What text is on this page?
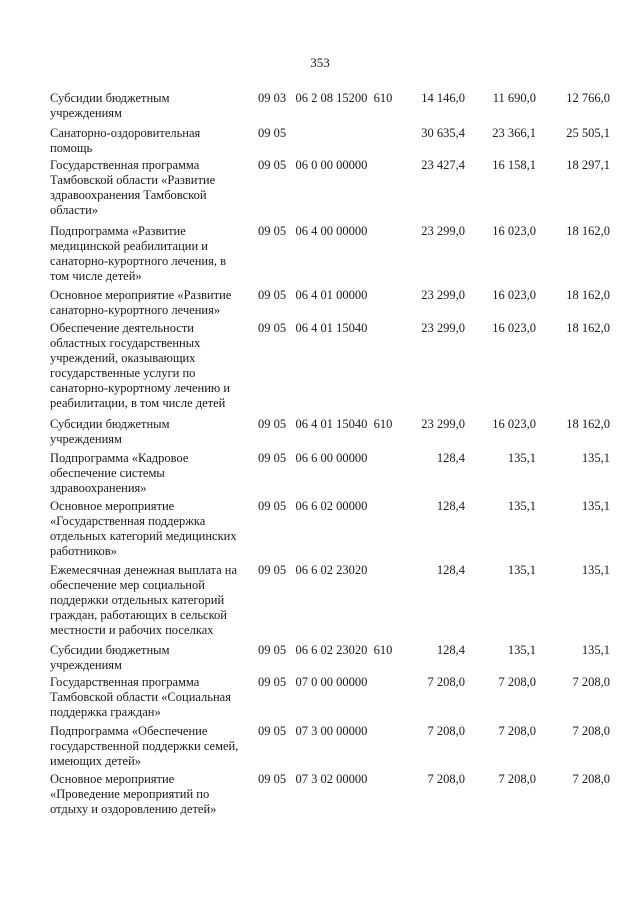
353
Субсидии бюджетным
учреждениям
09 03   06 2 08 15200  610 14 146,0 11 690,0 12 766,0
Санаторно-оздоровительная
помощь
09 05	30 635,4 23 366,1 25 505,1
Государственная программа
Тамбовской области «Развитие
здравоохранения Тамбовской
области»
09 05   06 0 00 00000	23 427,4 16 158,1 18 297,1
Подпрограмма «Развитие
медицинской реабилитации и
санаторно-курортного лечения, в
том числе детей»
09 05   06 4 00 00000	23 299,0 16 023,0 18 162,0
Основное мероприятие «Развитие
санаторно-курортного лечения»
09 05   06 4 01 00000	23 299,0 16 023,0 18 162,0
Обеспечение деятельности
областных государственных
учреждений, оказывающих
государственные услуги по
санаторно-курортному лечению и
реабилитации, в том числе детей
09 05   06 4 01 15040	23 299,0 16 023,0 18 162,0
Субсидии бюджетным
учреждениям
09 05   06 4 01 15040  610 23 299,0 16 023,0 18 162,0
Подпрограмма «Кадровое
обеспечение системы
здравоохранения»
09 05   06 6 00 00000	128,4	135,1	135,1
Основное мероприятие
«Государственная поддержка
отдельных категорий медицинских
работников»
09 05   06 6 02 00000	128,4	135,1	135,1
Ежемесячная денежная выплата на
обеспечение мер социальной
поддержки отдельных категорий
граждан, работающих в сельской
местности и рабочих поселках
09 05   06 6 02 23020	128,4	135,1	135,1
Субсидии бюджетным
учреждениям
09 05   06 6 02 23020  610	128,4	135,1	135,1
Государственная программа
Тамбовской области «Социальная
поддержка граждан»
09 05   07 0 00 00000	7 208,0	7 208,0	7 208,0
Подпрограмма «Обеспечение
государственной поддержки семей,
имеющих детей»
09 05   07 3 00 00000	7 208,0	7 208,0	7 208,0
Основное мероприятие
«Проведение мероприятий по
отдыху и оздоровлению детей»
09 05   07 3 02 00000	7 208,0	7 208,0	7 208,0
